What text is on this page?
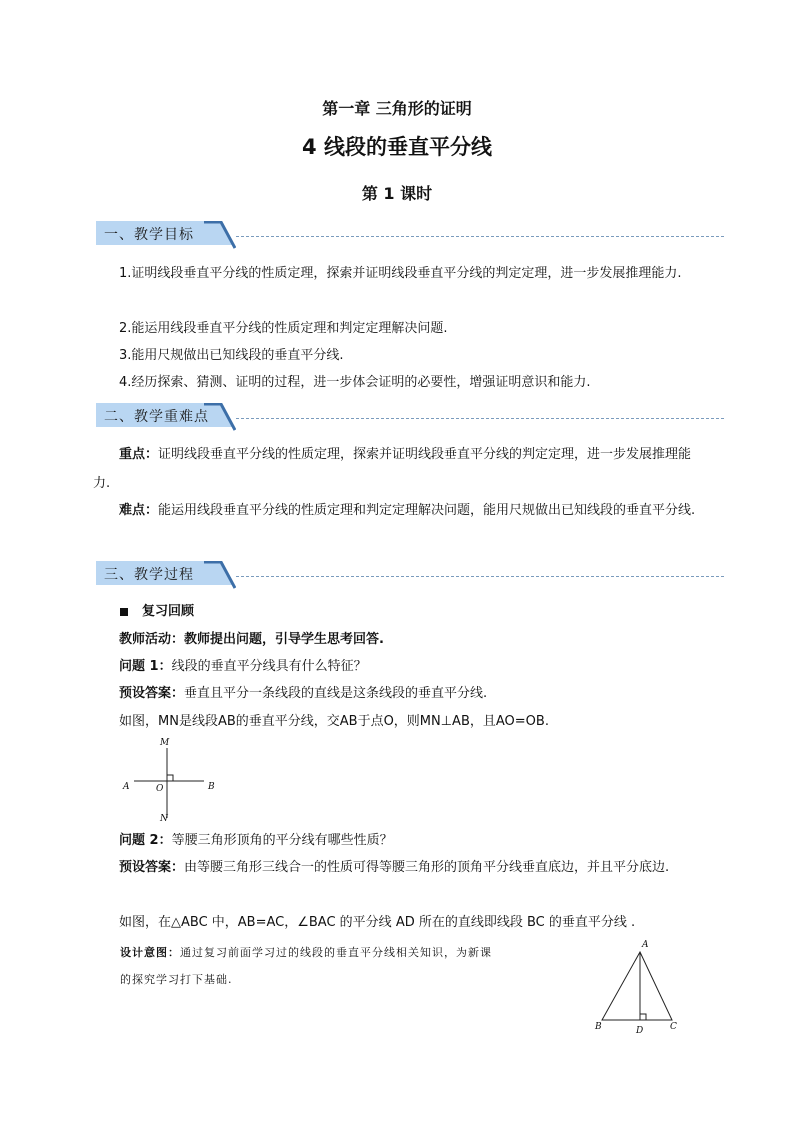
第一章 三角形的证明
4 线段的垂直平分线
第 1 课时
一、教学目标
1.证明线段垂直平分线的性质定理，探索并证明线段垂直平分线的判定定理，进一步发展推理能力.
2.能运用线段垂直平分线的性质定理和判定定理解决问题.
3.能用尺规做出已知线段的垂直平分线.
4.经历探索、猜测、证明的过程，进一步体会证明的必要性，增强证明意识和能力.
二、教学重难点
重点：证明线段垂直平分线的性质定理，探索并证明线段垂直平分线的判定定理，进一步发展推理能力.
难点：能运用线段垂直平分线的性质定理和判定定理解决问题，能用尺规做出已知线段的垂直平分线.
三、教学过程
复习回顾
教师活动：教师提出问题，引导学生思考回答.
问题 1：线段的垂直平分线具有什么特征？
预设答案：垂直且平分一条线段的直线是这条线段的垂直平分线.
如图，MN是线段AB的垂直平分线，交AB于点O，则MN⊥AB，且AO=OB.
M
N
A	B
O
问题 2：等腰三角形顶角的平分线有哪些性质？
预设答案：由等腰三角形三线合一的性质可得等腰三角形的顶角平分线垂直底边，并且平分底边.
如图，在△ABC 中，AB=AC，∠BAC 的平分线 AD 所在的直线即线段 BC 的垂直平分线 .
设计意图：通过复习前面学习过的线段的垂直平分线相关知识，为新课
的探究学习打下基础.
A
B	C
D
